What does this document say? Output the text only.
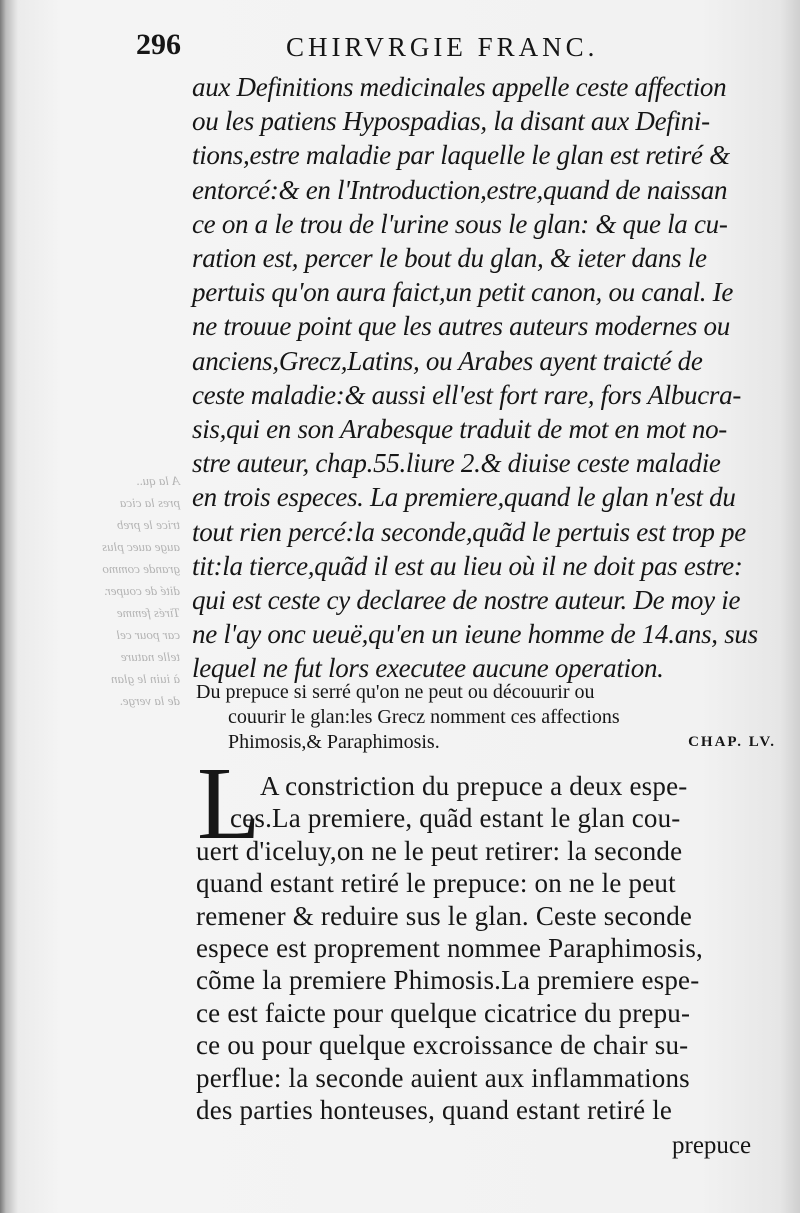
A la qu..
pres la cica
trice le preb
auge auec plus
grande commo
dité de couper.
Tirés femme
car pour cel
telle nature
à iuin le glan
de la verge.
296	CHIRVRGIE FRANC.
aux Definitions medicinales appelle ceste affection
ou les patiens Hypospadias, la disant aux Defini-
tions,estre maladie par laquelle le glan est retiré &
entorcé:& en l'Introduction,estre,quand de naissan
ce on a le trou de l'urine sous le glan: & que la cu-
ration est, percer le bout du glan, & ieter dans le
pertuis qu'on aura faict,un petit canon, ou canal. Ie
ne trouue point que les autres auteurs modernes ou
anciens,Grecz,Latins, ou Arabes ayent traicté de
ceste maladie:& aussi ell'est fort rare, fors Albucra-
sis,qui en son Arabesque traduit de mot en mot no-
stre auteur, chap.55.liure 2.& diuise ceste maladie
en trois especes. La premiere,quand le glan n'est du
tout rien percé:la seconde,quãd le pertuis est trop pe
tit:la tierce,quãd il est au lieu où il ne doit pas estre:
qui est ceste cy declaree de nostre auteur. De moy ie
ne l'ay onc ueuë,qu'en un ieune homme de 14.ans, sus
lequel ne fut lors executee aucune operation.
Du prepuce si serré qu'on ne peut ou découurir ou
couurir le glan:les Grecz nomment ces affections
Phimosis,& Paraphimosis.	CHAP. LV.
L A constriction du prepuce a deux espe-
ces.La premiere, quãd estant le glan cou-
uert d'iceluy,on ne le peut retirer: la seconde
quand estant retiré le prepuce: on ne le peut
remener & reduire sus le glan. Ceste seconde
espece est proprement nommee Paraphimosis,
cõme la premiere Phimosis.La premiere espe-
ce est faicte pour quelque cicatrice du prepu-
ce ou pour quelque excroissance de chair su-
perflue: la seconde auient aux inflammations
des parties honteuses, quand estant retiré le
prepuce
